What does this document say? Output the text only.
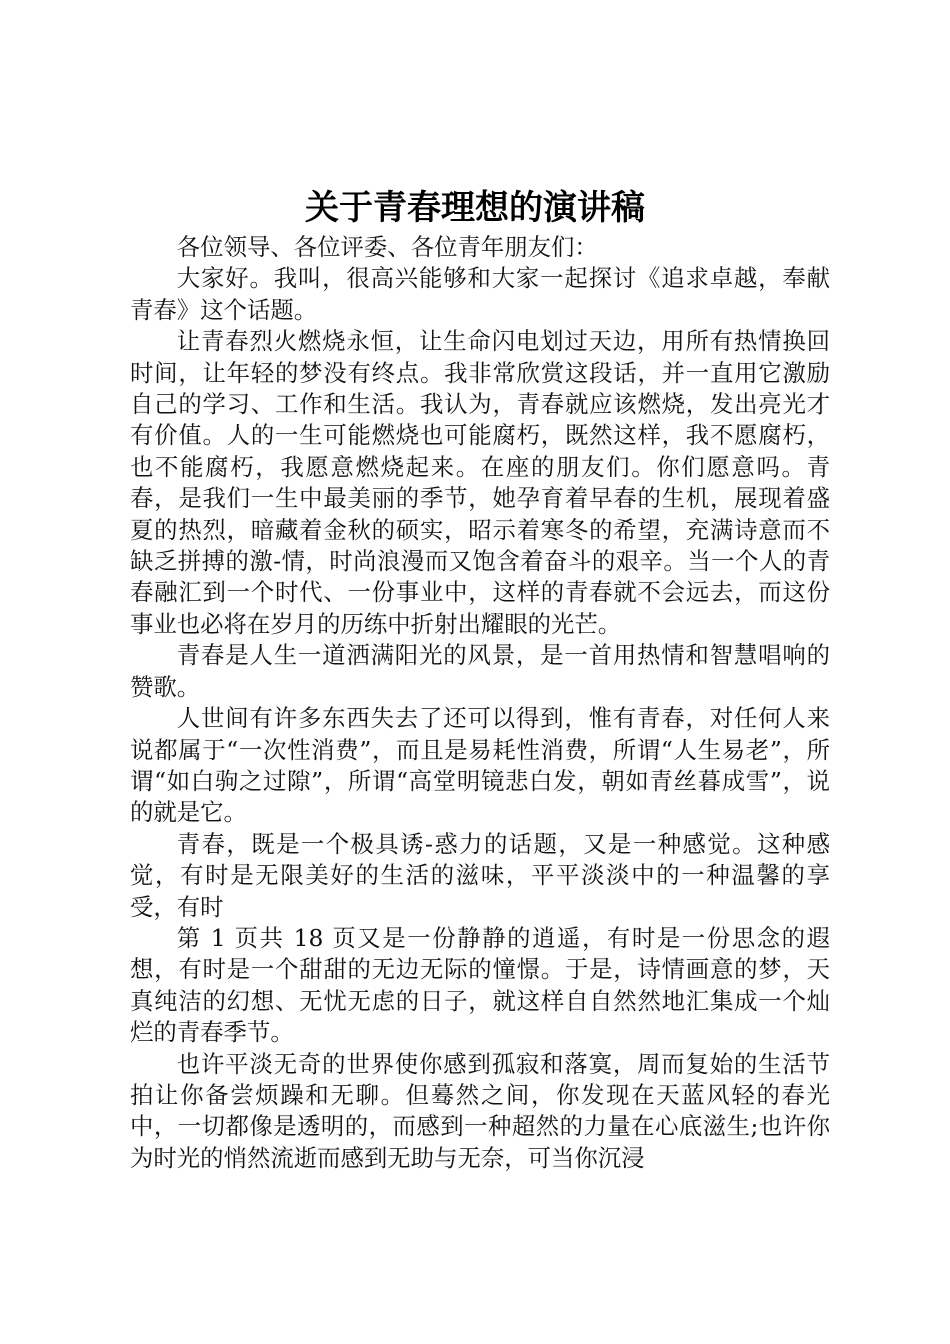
关于青春理想的演讲稿

各位领导、各位评委、各位青年朋友们：

大家好。我叫，很高兴能够和大家一起探讨《追求卓越，奉献青春》这个话题。

让青春烈火燃烧永恒，让生命闪电划过天边，用所有热情换回时间，让年轻的梦没有终点。我非常欣赏这段话，并一直用它激励自己的学习、工作和生活。我认为，青春就应该燃烧，发出亮光才有价值。人的一生可能燃烧也可能腐朽，既然这样，我不愿腐朽，也不能腐朽，我愿意燃烧起来。在座的朋友们。你们愿意吗。青春，是我们一生中最美丽的季节，她孕育着早春的生机，展现着盛夏的热烈，暗藏着金秋的硕实，昭示着寒冬的希望，充满诗意而不缺乏拼搏的激-情，时尚浪漫而又饱含着奋斗的艰辛。当一个人的青春融汇到一个时代、一份事业中，这样的青春就不会远去，而这份事业也必将在岁月的历练中折射出耀眼的光芒。

青春是人生一道洒满阳光的风景，是一首用热情和智慧唱响的赞歌。

人世间有许多东西失去了还可以得到，惟有青春，对任何人来说都属于“一次性消费”，而且是易耗性消费，所谓“人生易老”，所谓“如白驹之过隙”，所谓“高堂明镜悲白发，朝如青丝暮成雪”，说的就是它。

青春，既是一个极具诱-惑力的话题，又是一种感觉。这种感觉，有时是无限美好的生活的滋味，平平淡淡中的一种温馨的享受，有时

第 1 页共 18 页又是一份静静的逍遥，有时是一份思念的遐想，有时是一个甜甜的无边无际的憧憬。于是，诗情画意的梦，天真纯洁的幻想、无忧无虑的日子，就这样自自然然地汇集成一个灿烂的青春季节。

也许平淡无奇的世界使你感到孤寂和落寞，周而复始的生活节拍让你备尝烦躁和无聊。但蓦然之间，你发现在天蓝风轻的春光中，一切都像是透明的，而感到一种超然的力量在心底滋生;也许你为时光的悄然流逝而感到无助与无奈，可当你沉浸
